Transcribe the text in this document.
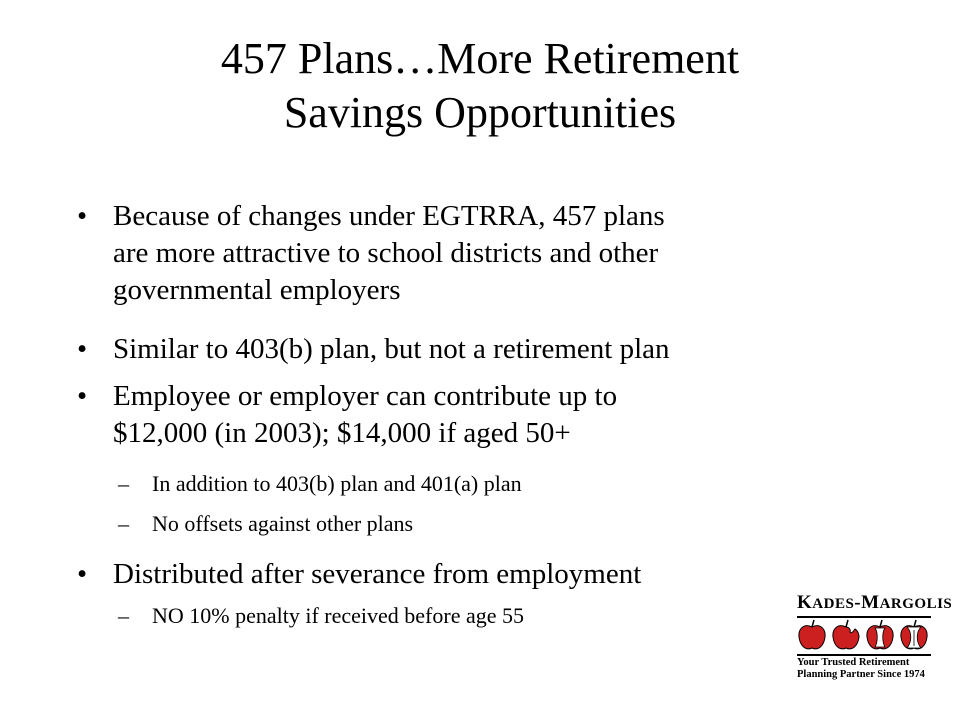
457 Plans…More Retirement
Savings Opportunities
• Because of changes under EGTRRA, 457 plans
are more attractive to school districts and other
governmental employers
• Similar to 403(b) plan, but not a retirement plan
• Employee or employer can contribute up to
$12,000 (in 2003); $14,000 if aged 50+
– In addition to 403(b) plan and 401(a) plan
– No offsets against other plans
• Distributed after severance from employment
– NO 10% penalty if received before age 55
KADES-MARGOLIS
Your Trusted Retirement
Planning Partner Since 1974
